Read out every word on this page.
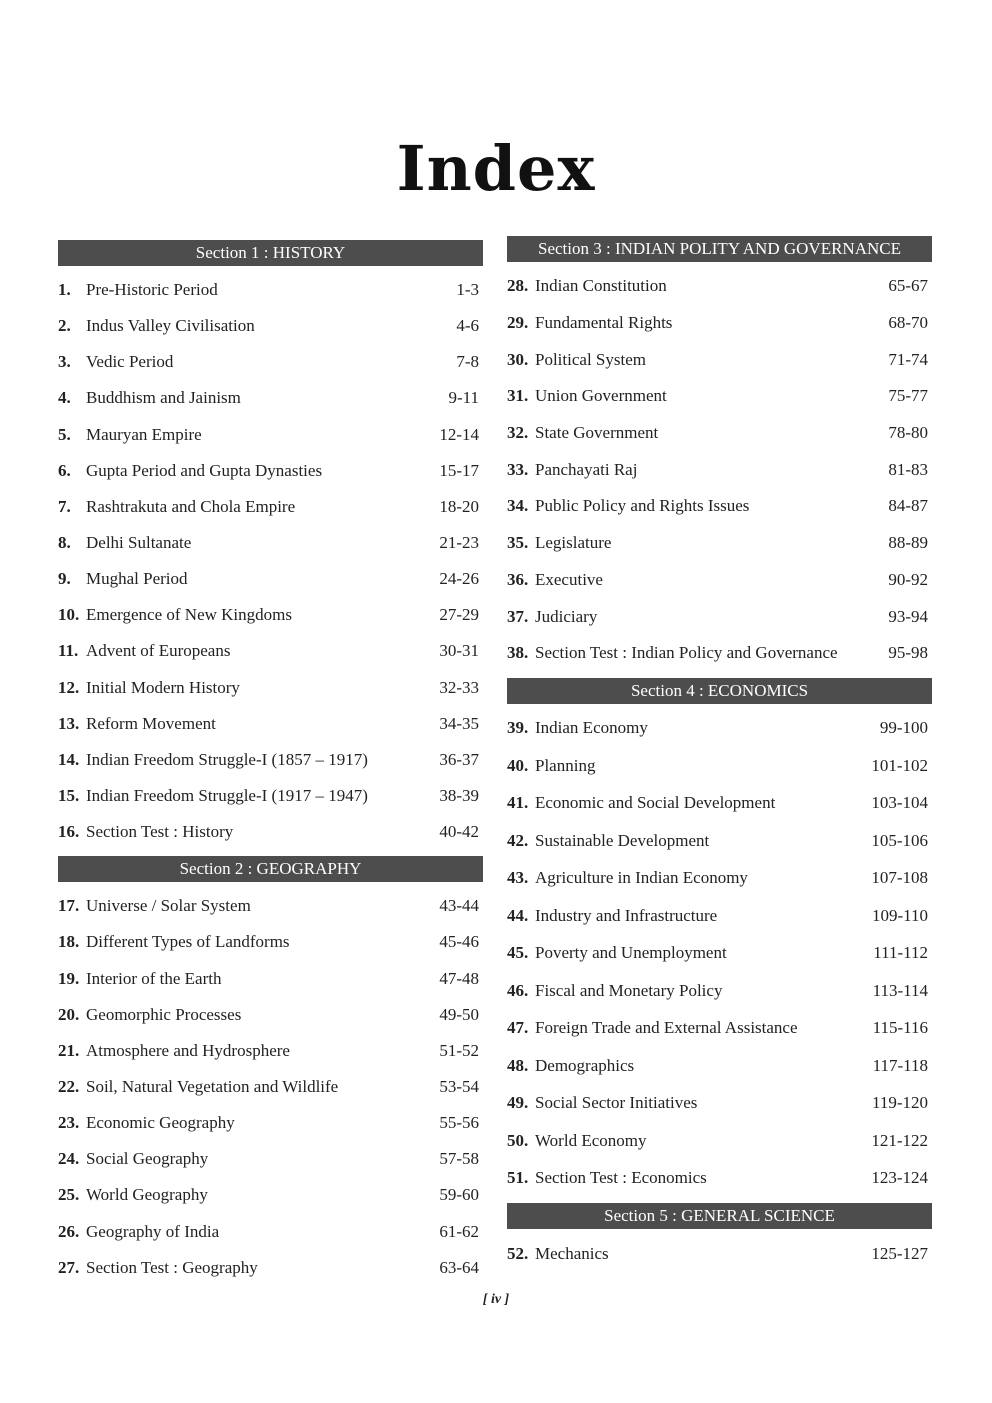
Index
Section 1 : HISTORY
1. Pre-Historic Period	1-3
2. Indus Valley Civilisation	4-6
3. Vedic Period	7-8
4. Buddhism and Jainism	9-11
5. Mauryan Empire	12-14
6. Gupta Period and Gupta Dynasties	15-17
7. Rashtrakuta and Chola Empire	18-20
8. Delhi Sultanate	21-23
9. Mughal Period	24-26
10. Emergence of New Kingdoms	27-29
11. Advent of Europeans	30-31
12. Initial Modern History	32-33
13. Reform Movement	34-35
14. Indian Freedom Struggle-I (1857 – 1917)	36-37
15. Indian Freedom Struggle-I (1917 – 1947)	38-39
16. Section Test : History	40-42
Section 2 : GEOGRAPHY
17. Universe / Solar System	43-44
18. Different Types of Landforms	45-46
19. Interior of the Earth	47-48
20. Geomorphic Processes	49-50
21. Atmosphere and Hydrosphere	51-52
22. Soil, Natural Vegetation and Wildlife	53-54
23. Economic Geography	55-56
24. Social Geography	57-58
25. World Geography	59-60
26. Geography of India	61-62
27. Section Test : Geography	63-64
Section 3 : INDIAN POLITY AND GOVERNANCE
28. Indian Constitution	65-67
29. Fundamental Rights	68-70
30. Political System	71-74
31. Union Government	75-77
32. State Government	78-80
33. Panchayati Raj	81-83
34. Public Policy and Rights Issues	84-87
35. Legislature	88-89
36. Executive	90-92
37. Judiciary	93-94
38. Section Test : Indian Policy and Governance	95-98
Section 4 : ECONOMICS
39. Indian Economy	99-100
40. Planning	101-102
41. Economic and Social Development	103-104
42. Sustainable Development	105-106
43. Agriculture in Indian Economy	107-108
44. Industry and Infrastructure	109-110
45. Poverty and Unemployment	111-112
46. Fiscal and Monetary Policy	113-114
47. Foreign Trade and External Assistance	115-116
48. Demographics	117-118
49. Social Sector Initiatives	119-120
50. World Economy	121-122
51. Section Test : Economics	123-124
Section 5 : GENERAL SCIENCE
52. Mechanics	125-127
[ iv ]
